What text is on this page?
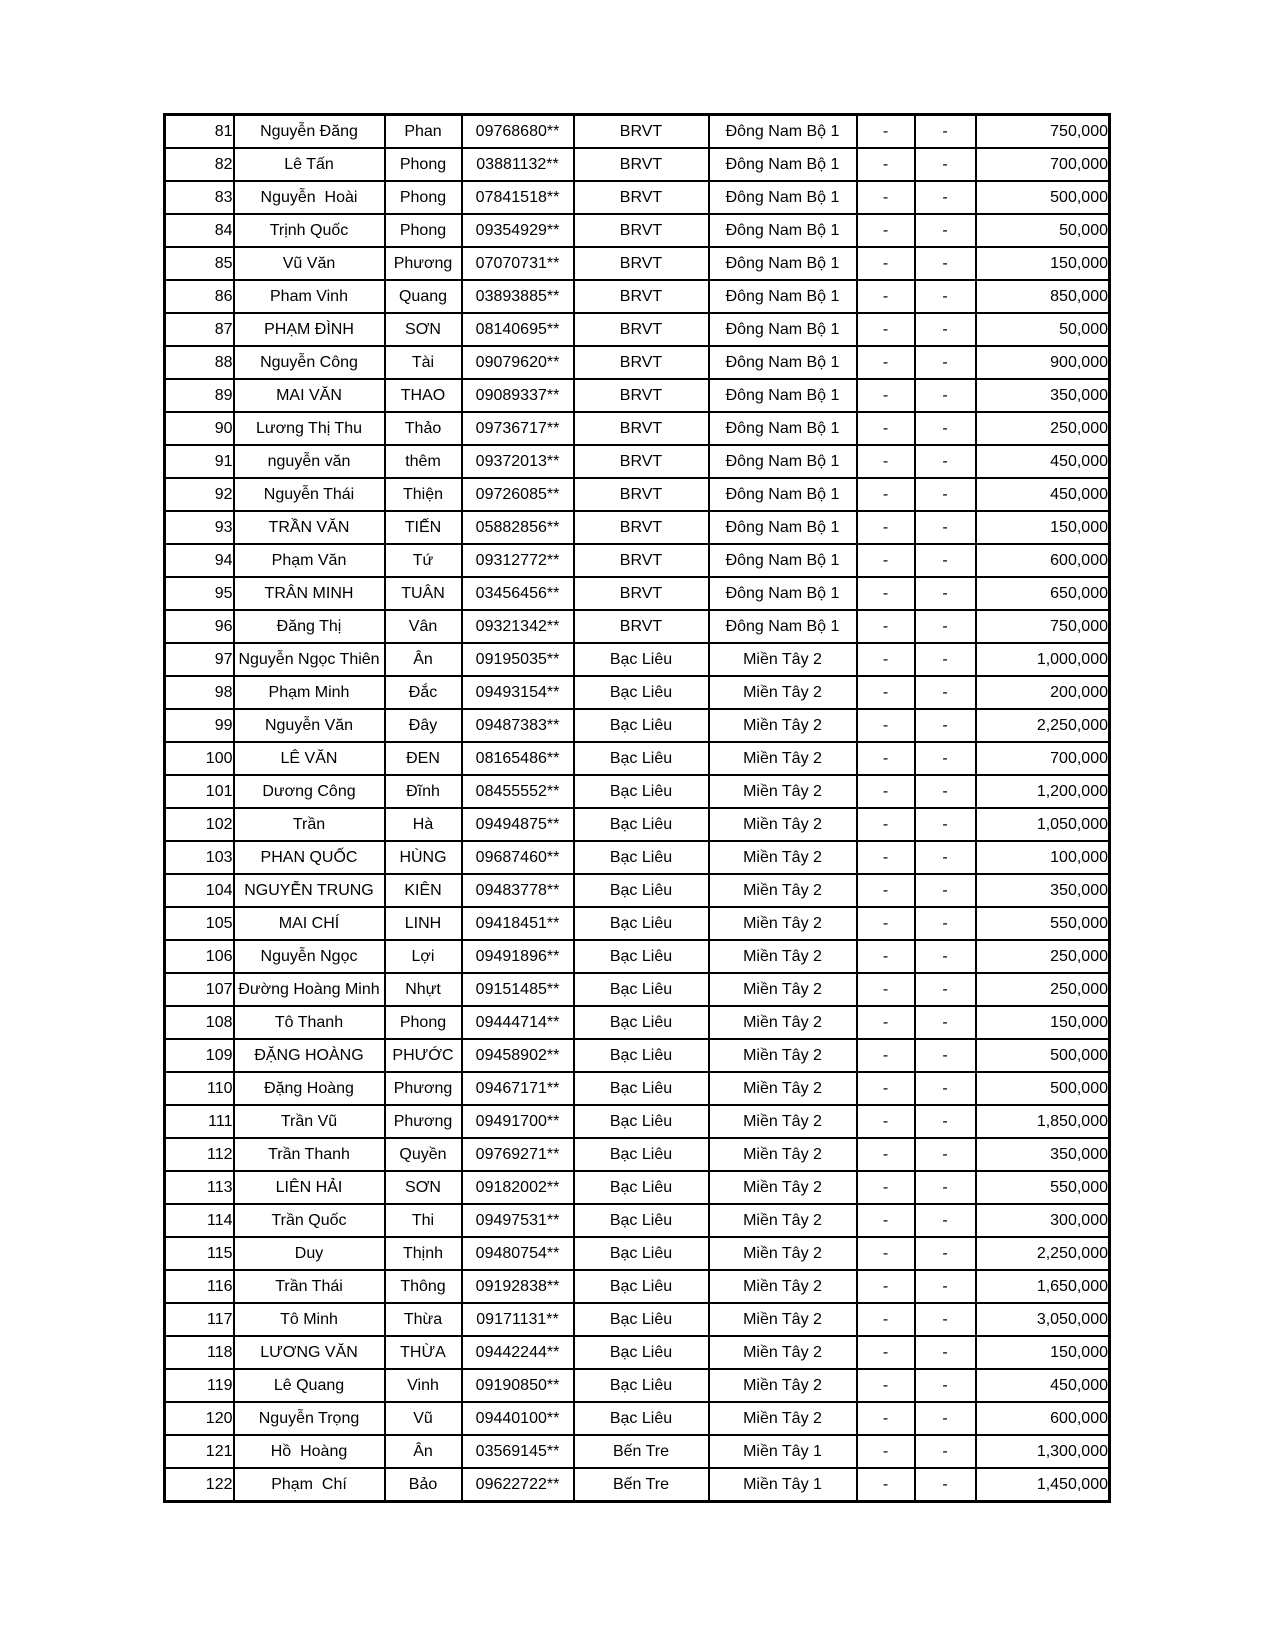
81	Nguyễn Đăng	Phan	09768680**	BRVT	Đông Nam Bộ 1	-	-	750,000
82	Lê Tấn	Phong	03881132**	BRVT	Đông Nam Bộ 1	-	-	700,000
83	Nguyễn  Hoài	Phong	07841518**	BRVT	Đông Nam Bộ 1	-	-	500,000
84	Trịnh Quốc	Phong	09354929**	BRVT	Đông Nam Bộ 1	-	-	50,000
85	Vũ Văn	Phương	07070731**	BRVT	Đông Nam Bộ 1	-	-	150,000
86	Pham Vinh	Quang	03893885**	BRVT	Đông Nam Bộ 1	-	-	850,000
87	PHẠM ĐÌNH	SƠN	08140695**	BRVT	Đông Nam Bộ 1	-	-	50,000
88	Nguyễn Công	Tài	09079620**	BRVT	Đông Nam Bộ 1	-	-	900,000
89	MAI VĂN	THAO	09089337**	BRVT	Đông Nam Bộ 1	-	-	350,000
90	Lương Thị Thu	Thảo	09736717**	BRVT	Đông Nam Bộ 1	-	-	250,000
91	nguyễn văn	thêm	09372013**	BRVT	Đông Nam Bộ 1	-	-	450,000
92	Nguyễn Thái	Thiện	09726085**	BRVT	Đông Nam Bộ 1	-	-	450,000
93	TRẦN VĂN	TIẾN	05882856**	BRVT	Đông Nam Bộ 1	-	-	150,000
94	Phạm Văn	Tứ	09312772**	BRVT	Đông Nam Bộ 1	-	-	600,000
95	TRÂN MINH	TUÂN	03456456**	BRVT	Đông Nam Bộ 1	-	-	650,000
96	Đăng Thị	Vân	09321342**	BRVT	Đông Nam Bộ 1	-	-	750,000
97	Nguyễn Ngọc Thiên	Ân	09195035**	Bạc Liêu	Miền Tây 2	-	-	1,000,000
98	Phạm Minh	Đắc	09493154**	Bạc Liêu	Miền Tây 2	-	-	200,000
99	Nguyễn Văn	Đây	09487383**	Bạc Liêu	Miền Tây 2	-	-	2,250,000
100	LÊ VĂN	ĐEN	08165486**	Bạc Liêu	Miền Tây 2	-	-	700,000
101	Dương Công	Đĩnh	08455552**	Bạc Liêu	Miền Tây 2	-	-	1,200,000
102	Trần	Hà	09494875**	Bạc Liêu	Miền Tây 2	-	-	1,050,000
103	PHAN QUỐC	HÙNG	09687460**	Bạc Liêu	Miền Tây 2	-	-	100,000
104	NGUYỄN TRUNG	KIÊN	09483778**	Bạc Liêu	Miền Tây 2	-	-	350,000
105	MAI CHÍ	LINH	09418451**	Bạc Liêu	Miền Tây 2	-	-	550,000
106	Nguyễn Ngọc	Lợi	09491896**	Bạc Liêu	Miền Tây 2	-	-	250,000
107	Đường Hoàng Minh	Nhựt	09151485**	Bạc Liêu	Miền Tây 2	-	-	250,000
108	Tô Thanh	Phong	09444714**	Bạc Liêu	Miền Tây 2	-	-	150,000
109	ĐẶNG HOÀNG	PHƯỚC	09458902**	Bạc Liêu	Miền Tây 2	-	-	500,000
110	Đặng Hoàng	Phương	09467171**	Bạc Liêu	Miền Tây 2	-	-	500,000
111	Trần Vũ	Phương	09491700**	Bạc Liêu	Miền Tây 2	-	-	1,850,000
112	Trần Thanh	Quyền	09769271**	Bạc Liêu	Miền Tây 2	-	-	350,000
113	LIÊN HẢI	SƠN	09182002**	Bạc Liêu	Miền Tây 2	-	-	550,000
114	Trần Quốc	Thi	09497531**	Bạc Liêu	Miền Tây 2	-	-	300,000
115	Duy	Thịnh	09480754**	Bạc Liêu	Miền Tây 2	-	-	2,250,000
116	Trần Thái	Thông	09192838**	Bạc Liêu	Miền Tây 2	-	-	1,650,000
117	Tô Minh	Thừa	09171131**	Bạc Liêu	Miền Tây 2	-	-	3,050,000
118	LƯƠNG VĂN	THỪA	09442244**	Bạc Liêu	Miền Tây 2	-	-	150,000
119	Lê Quang	Vinh	09190850**	Bạc Liêu	Miền Tây 2	-	-	450,000
120	Nguyễn Trọng	Vũ	09440100**	Bạc Liêu	Miền Tây 2	-	-	600,000
121	Hồ  Hoàng	Ân	03569145**	Bến Tre	Miền Tây 1	-	-	1,300,000
122	Phạm  Chí	Bảo	09622722**	Bến Tre	Miền Tây 1	-	-	1,450,000
